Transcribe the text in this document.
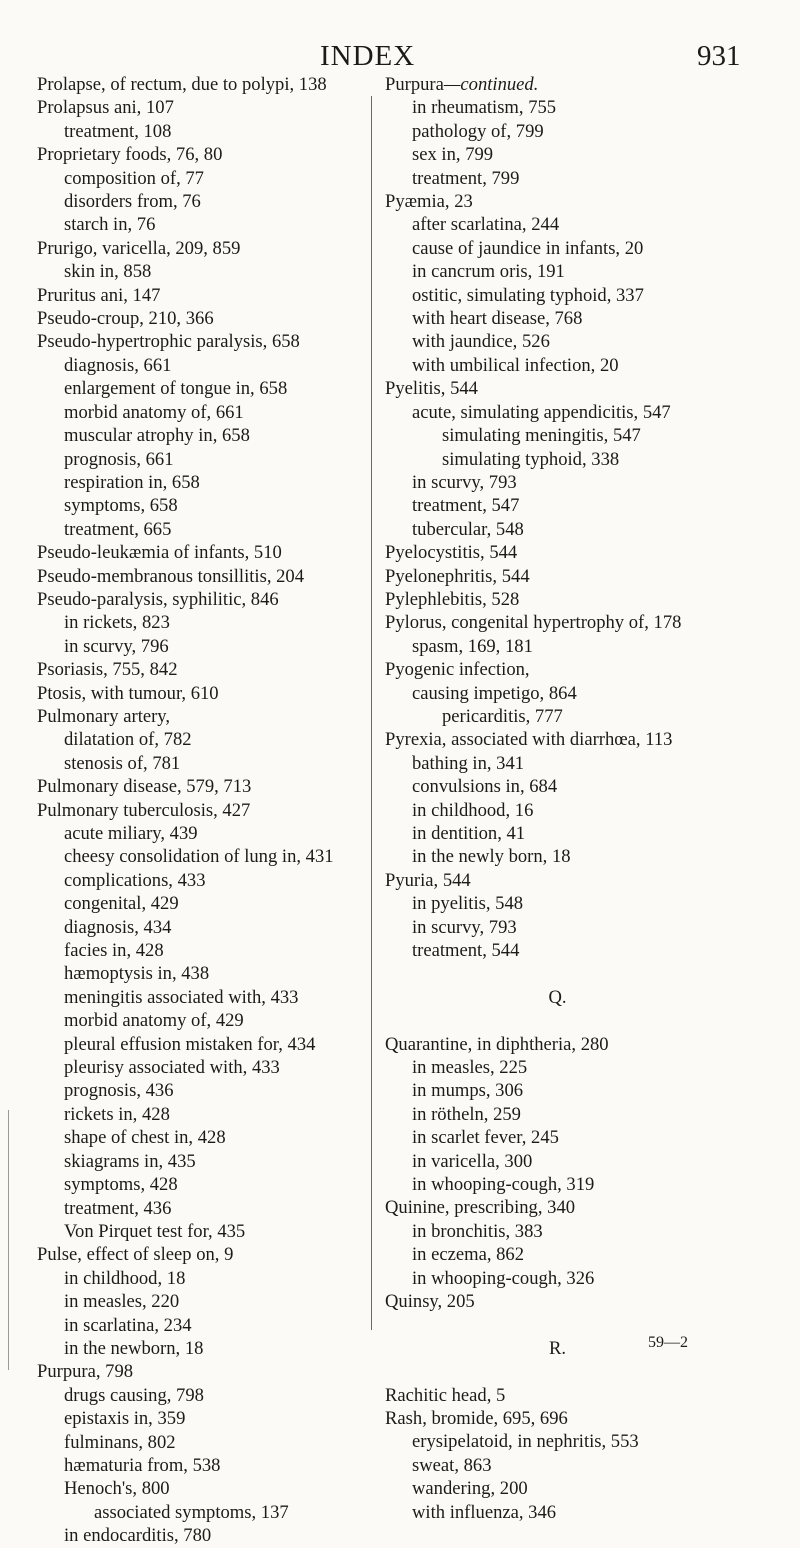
INDEX	931
Prolapse, of rectum, due to polypi, 138
Prolapsus ani, 107
treatment, 108
Proprietary foods, 76, 80
composition of, 77
disorders from, 76
starch in, 76
Prurigo, varicella, 209, 859
skin in, 858
Pruritus ani, 147
Pseudo-croup, 210, 366
Pseudo-hypertrophic paralysis, 658
diagnosis, 661
enlargement of tongue in, 658
morbid anatomy of, 661
muscular atrophy in, 658
prognosis, 661
respiration in, 658
symptoms, 658
treatment, 665
Pseudo-leukæmia of infants, 510
Pseudo-membranous tonsillitis, 204
Pseudo-paralysis, syphilitic, 846
in rickets, 823
in scurvy, 796
Psoriasis, 755, 842
Ptosis, with tumour, 610
Pulmonary artery,
dilatation of, 782
stenosis of, 781
Pulmonary disease, 579, 713
Pulmonary tuberculosis, 427
acute miliary, 439
cheesy consolidation of lung in, 431
complications, 433
congenital, 429
diagnosis, 434
facies in, 428
hæmoptysis in, 438
meningitis associated with, 433
morbid anatomy of, 429
pleural effusion mistaken for, 434
pleurisy associated with, 433
prognosis, 436
rickets in, 428
shape of chest in, 428
skiagrams in, 435
symptoms, 428
treatment, 436
Von Pirquet test for, 435
Pulse, effect of sleep on, 9
in childhood, 18
in measles, 220
in scarlatina, 234
in the newborn, 18
Purpura, 798
drugs causing, 798
epistaxis in, 359
fulminans, 802
hæmaturia from, 538
Henoch's, 800
associated symptoms, 137
in endocarditis, 780
Purpura—continued.
in rheumatism, 755
pathology of, 799
sex in, 799
treatment, 799
Pyæmia, 23
after scarlatina, 244
cause of jaundice in infants, 20
in cancrum oris, 191
ostitic, simulating typhoid, 337
with heart disease, 768
with jaundice, 526
with umbilical infection, 20
Pyelitis, 544
acute, simulating appendicitis, 547
simulating meningitis, 547
simulating typhoid, 338
in scurvy, 793
treatment, 547
tubercular, 548
Pyelocystitis, 544
Pyelonephritis, 544
Pylephlebitis, 528
Pylorus, congenital hypertrophy of, 178
spasm, 169, 181
Pyogenic infection,
causing impetigo, 864
pericarditis, 777
Pyrexia, associated with diarrhœa, 113
bathing in, 341
convulsions in, 684
in childhood, 16
in dentition, 41
in the newly born, 18
Pyuria, 544
in pyelitis, 548
in scurvy, 793
treatment, 544
Q.
Quarantine, in diphtheria, 280
in measles, 225
in mumps, 306
in rötheln, 259
in scarlet fever, 245
in varicella, 300
in whooping-cough, 319
Quinine, prescribing, 340
in bronchitis, 383
in eczema, 862
in whooping-cough, 326
Quinsy, 205
R.
Rachitic head, 5
Rash, bromide, 695, 696
erysipelatoid, in nephritis, 553
sweat, 863
wandering, 200
with influenza, 346
59—2
